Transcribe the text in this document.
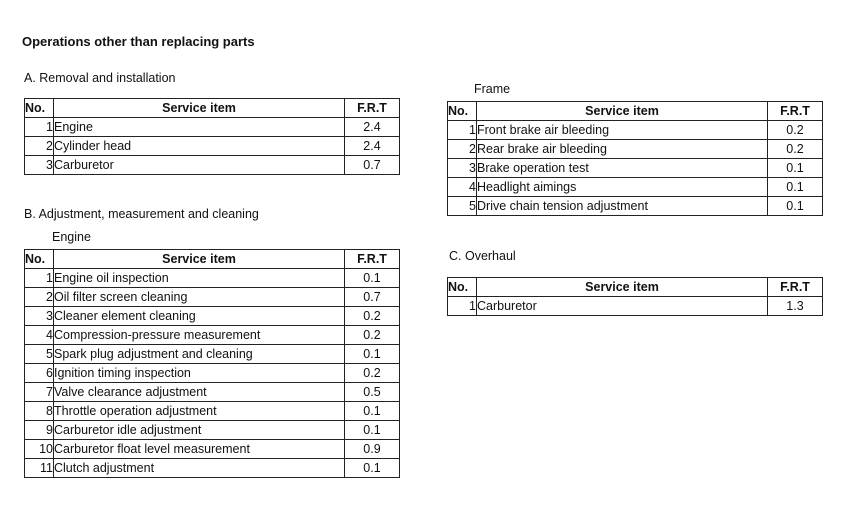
Operations other than replacing parts
A. Removal and installation
No.	Service item	F.R.T
1	Engine	2.4
2	Cylinder head	2.4
3	Carburetor	0.7
B. Adjustment, measurement and cleaning
Engine
No.	Service item	F.R.T
1	Engine oil inspection	0.1
2	Oil filter screen cleaning	0.7
3	Cleaner element cleaning	0.2
4	Compression-pressure measurement	0.2
5	Spark plug adjustment and cleaning	0.1
6	Ignition timing inspection	0.2
7	Valve clearance adjustment	0.5
8	Throttle operation adjustment	0.1
9	Carburetor idle adjustment	0.1
10	Carburetor float level measurement	0.9
11	Clutch adjustment	0.1
Frame
No.	Service item	F.R.T
1	Front brake air bleeding	0.2
2	Rear brake air bleeding	0.2
3	Brake operation test	0.1
4	Headlight aimings	0.1
5	Drive chain tension adjustment	0.1
C. Overhaul
No.	Service item	F.R.T
1	Carburetor	1.3
